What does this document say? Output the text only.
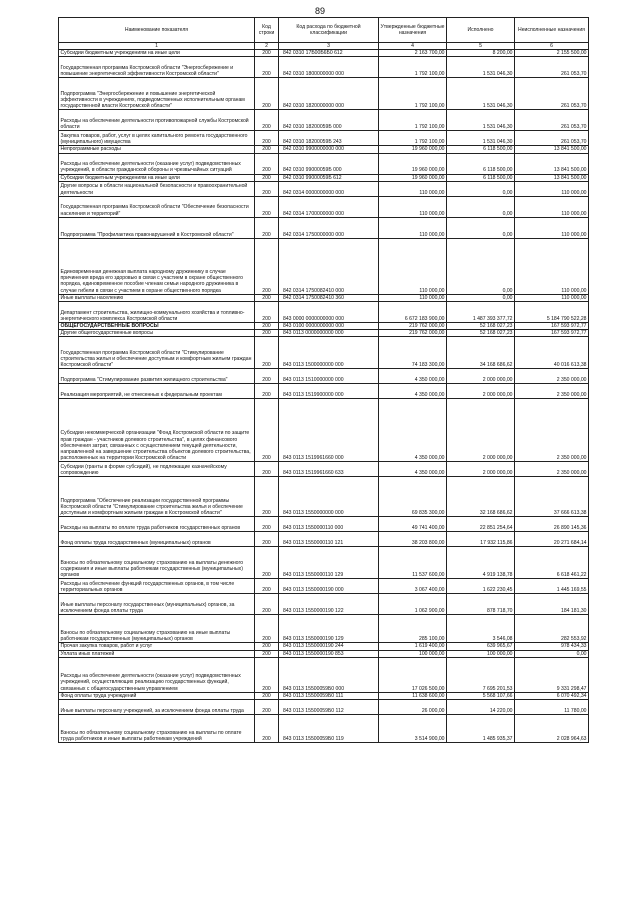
89
Наименование показателя	Код строки	Код расхода по бюджетной классификации	Утвержденные бюджетные назначения	Исполнено	Неисполненные назначения
1	2	3	4	5	6
Субсидии бюджетным учреждениям на иные цели	200	842 0310 17Б00Б6Б0 612	2 163 700,00	8 200,00	2 155 500,00
Государственная программа Костромской области "Энергосбережение и повышение энергетической эффективности Костромской области"	200	842 0310 1800000000 000	1 792 100,00	1 531 046,30	261 053,70
Подпрограмма "Энергосбережение и повышение энергетической эффективности в учреждениях, подведомственных исполнительным органам государственной власти Костромской области"	200	842 0310 1820000000 000	1 792 100,00	1 531 046,30	261 053,70
Расходы на обеспечение деятельности противопожарной службы Костромской области	200	842 0310 18200059Б 000	1 792 100,00	1 531 046,30	261 053,70
Закупка товаров, работ, услуг в целях капитального ремонта государственного (муниципального) имущества	200	842 0310 18200059Б 243	1 792 100,00	1 531 046,30	261 053,70
Непрограммные расходы	200	842 0310 9900000000 000	19 960 000,00	6 118 500,00	13 841 500,00
Расходы на обеспечение деятельности (оказание услуг) подведомственных учреждений, в области гражданской обороны и чрезвычайных ситуаций	200	842 0310 99000059Б 000	19 960 000,00	6 118 500,00	13 841 500,00
Субсидии бюджетным учреждениям на иные цели	200	842 0310 99000059Б 612	19 960 000,00	6 118 500,00	13 841 500,00
Другие вопросы в области национальной безопасности и правоохранительной деятельности	200	842 0314 0000000000 000	110 000,00	0,00	110 000,00
Государственная программа Костромской области "Обеспечение безопасности населения и территорий"	200	842 0314 1700000000 000	110 000,00	0,00	110 000,00
Подпрограмма "Профилактика правонарушений в Костромской области"	200	842 0314 1750000000 000	110 000,00	0,00	110 000,00
Единовременная денежная выплата народному дружиннику в случае причинения вреда его здоровью в связи с участием в охране общественного порядка, единовременное пособие членам семьи народного дружинника в случае гибели в связи с участием в охране общественного порядка	200	842 0314 1750082410 000	110 000,00	0,00	110 000,00
Иные выплаты населению	200	842 0314 1750082410 360	110 000,00	0,00	110 000,00
Департамент строительства, жилищно-коммунального хозяйства и топливно-энергетического комплекса Костромской области	200	843 0000 0000000000 000	6 672 183 900,00	1 487 393 377,72	5 184 790 522,28
ОБЩЕГОСУДАРСТВЕННЫЕ ВОПРОСЫ	200	843 0100 0000000000 000	219 762 000,00	52 168 027,23	167 593 972,77
Другие общегосударственные вопросы	200	843 0113 0000000000 000	219 762 000,00	52 168 027,23	167 593 972,77
Государственная программа Костромской области "Стимулирование строительства жилья и обеспечение доступным и комфортным жильем граждан Костромской области"	200	843 0113 1500000000 000	74 183 300,00	34 168 686,62	40 016 613,38
Подпрограмма "Стимулирование развития жилищного строительства"	200	843 0113 1510000000 000	4 350 000,00	2 000 000,00	2 350 000,00
Реализация мероприятий, не отнесенных к федеральным проектам	200	843 0113 1519900000 000	4 350 000,00	2 000 000,00	2 350 000,00
Субсидии некоммерческой организации "Фонд Костромской области по защите прав граждан - участников долевого строительства", в целях финансового обеспечения затрат, связанных с осуществлением текущей деятельности, направленной на завершение строительства объектов долевого строительства, расположенных на территории Костромской области	200	843 0113 1519961660 000	4 350 000,00	2 000 000,00	2 350 000,00
Субсидии (гранты в форме субсидий), не подлежащие казначейскому сопровождению	200	843 0113 1519961660 633	4 350 000,00	2 000 000,00	2 350 000,00
Подпрограмма "Обеспечение реализации государственной программы Костромской области "Стимулирование строительства жилья и обеспечение доступным и комфортным жильем граждан в Костромской области"	200	843 0113 1550000000 000	69 835 300,00	32 168 686,62	37 666 613,38
Расходы на выплаты по оплате труда работников государственных органов	200	843 0113 1550000110 000	49 741 400,00	22 851 254,64	26 890 145,36
Фонд оплаты труда государственных (муниципальных) органов	200	843 0113 1550000110 121	38 203 800,00	17 932 115,86	20 271 684,14
Взносы по обязательному социальному страхованию на выплаты денежного содержания и иные выплаты работникам государственных (муниципальных) органов	200	843 0113 1550000110 129	11 537 600,00	4 919 138,78	6 618 461,22
Расходы на обеспечение функций государственных органов, в том числе территориальных органов	200	843 0113 1550000190 000	3 067 400,00	1 622 230,45	1 445 169,55
Иные выплаты персоналу государственных (муниципальных) органов, за исключением фонда оплаты труда	200	843 0113 1550000190 122	1 062 900,00	878 718,70	184 181,30
Взносы по обязательному социальному страхованию на иные выплаты работникам государственных (муниципальных) органов	200	843 0113 1550000190 129	285 100,00	3 546,08	282 553,92
Прочая закупка товаров, работ и услуг	200	843 0113 1550000190 244	1 619 400,00	639 965,67	978 434,33
Уплата иных платежей	200	843 0113 1550000190 853	100 000,00	100 000,00	0,00
Расходы на обеспечение деятельности (оказание услуг) подведомственных учреждений, осуществляющих реализацию государственных функций, связанных с общегосударственным управлением	200	843 0113 15500059Б0 000	17 026 500,00	7 695 201,53	9 331 298,47
Фонд оплаты труда учреждений	200	843 0113 15500059Б0 111	11 638 600,00	5 568 107,66	6 070 492,34
Иные выплаты персоналу учреждений, за исключением фонда оплаты труда	200	843 0113 15500059Б0 112	26 000,00	14 220,00	11 780,00
Взносы по обязательному социальному страхованию на выплаты по оплате труда работников и иные выплаты работникам учреждений	200	843 0113 15500059Б0 119	3 514 900,00	1 485 935,37	2 028 964,63
